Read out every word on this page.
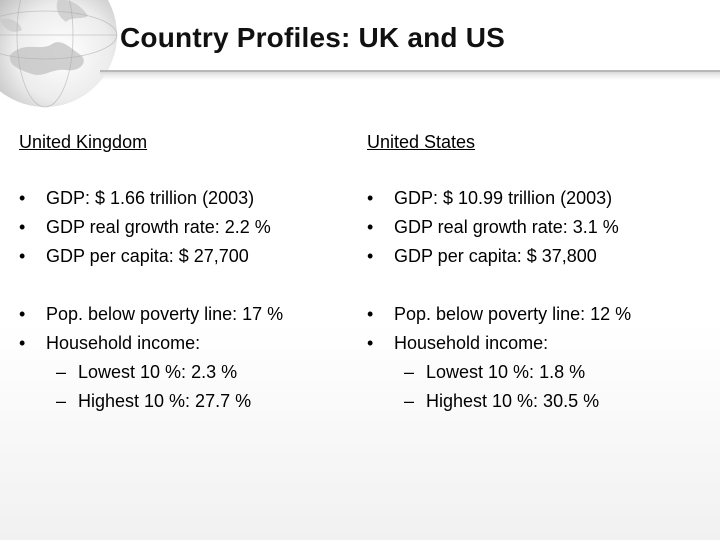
Country Profiles: UK and US
United Kingdom
•	GDP: $ 1.66 trillion (2003)
•	GDP real growth rate: 2.2 %
•	GDP per capita: $ 27,700
•	Pop. below poverty line: 17 %
•	Household income:
– Lowest 10 %: 2.3 %
– Highest 10 %: 27.7 %
United States
•	GDP: $ 10.99 trillion (2003)
•	GDP real growth rate: 3.1 %
•	GDP per capita: $ 37,800
•	Pop. below poverty line: 12 %
•	Household income:
– Lowest 10 %: 1.8 %
– Highest 10 %: 30.5 %
